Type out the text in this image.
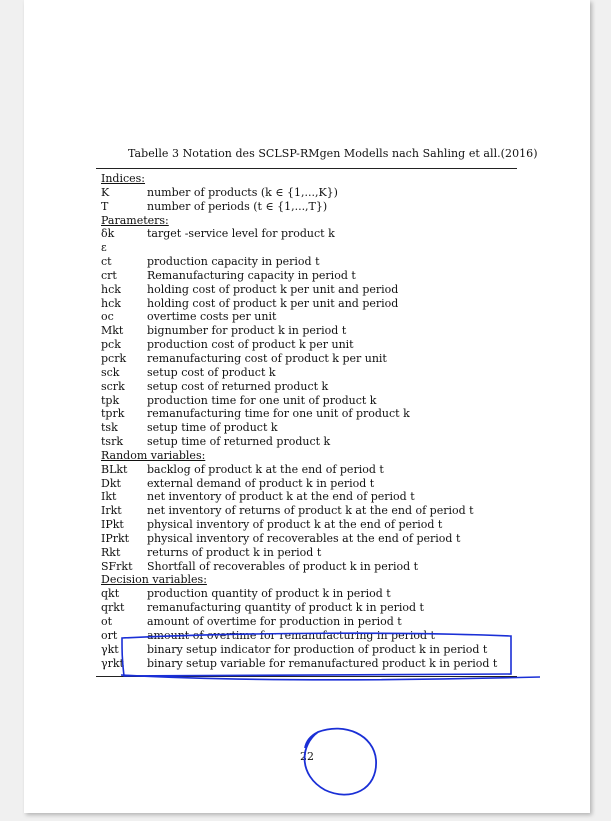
Tabelle 3 Notation des SCLSP-RMgen Modells nach Sahling et all.(2016)
Indices:
K	number of products (k ∈ {1,...,K})
T	number of periods (t ∈ {1,...,T})
Parameters:
δk	target -service level for product k
ε
ct	production capacity in period t
crt	Remanufacturing capacity in period t
hck holding cost of product k per unit and period
hck holding cost of product k per unit and period
oc	overtime costs per unit
Mkt bignumber for product k in period t
pck production cost of product k per unit
pcrk remanufacturing cost of product k per unit
sck	setup cost of product k
scrk setup cost of returned product k
tpk	production time for one unit of product k
tprk remanufacturing time for one unit of product k
tsk	setup time of product k
tsrk setup time of returned product k
Random variables:
BLkt backlog of product k at the end of period t
Dkt external demand of product k in period t
Ikt	net inventory of product k at the end of period t
Irkt net inventory of returns of product k at the end of period t
IPkt physical inventory of product k at the end of period t
IPrkt physical inventory of recoverables at the end of period t
Rkt returns of product k in period t
SFrkt Shortfall of recoverables of product k in period t
Decision variables:
qkt	production quantity of product k in period t
qrkt remanufacturing quantity of product k in period t
ot	amount of overtime for production in period t
ort	amount of overtime for remanufacturing in period t
γkt	binary setup indicator for production of product k in period t
γrkt binary setup variable for remanufactured product k in period t
22
